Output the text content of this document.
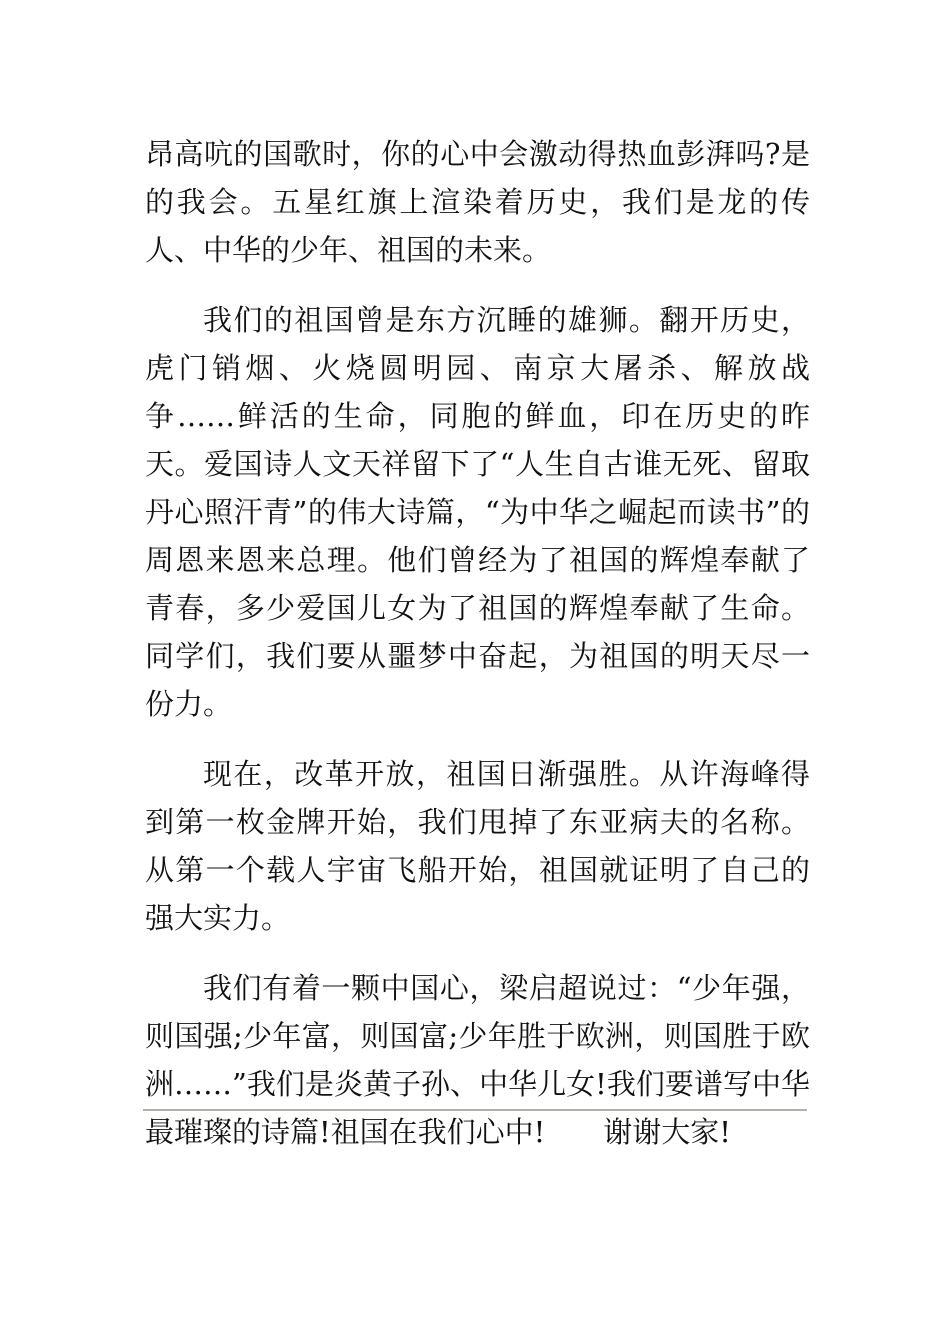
昂高吭的国歌时，你的心中会激动得热血彭湃吗?是的我会。五星红旗上渲染着历史，我们是龙的传人、中华的少年、祖国的未来。

我们的祖国曾是东方沉睡的雄狮。翻开历史，虎门销烟、火烧圆明园、南京大屠杀、解放战争……鲜活的生命，同胞的鲜血，印在历史的昨天。爱国诗人文天祥留下了“人生自古谁无死、留取丹心照汗青”的伟大诗篇，“为中华之崛起而读书”的周恩来恩来总理。他们曾经为了祖国的辉煌奉献了青春，多少爱国儿女为了祖国的辉煌奉献了生命。同学们，我们要从噩梦中奋起，为祖国的明天尽一份力。

现在，改革开放，祖国日渐强胜。从许海峰得到第一枚金牌开始，我们甩掉了东亚病夫的名称。从第一个载人宇宙飞船开始，祖国就证明了自己的强大实力。

我们有着一颗中国心，梁启超说过：“少年强，则国强;少年富，则国富;少年胜于欧洲，则国胜于欧洲……”我们是炎黄子孙、中华儿女!我们要谱写中华最璀璨的诗篇!祖国在我们心中!　　谢谢大家!
